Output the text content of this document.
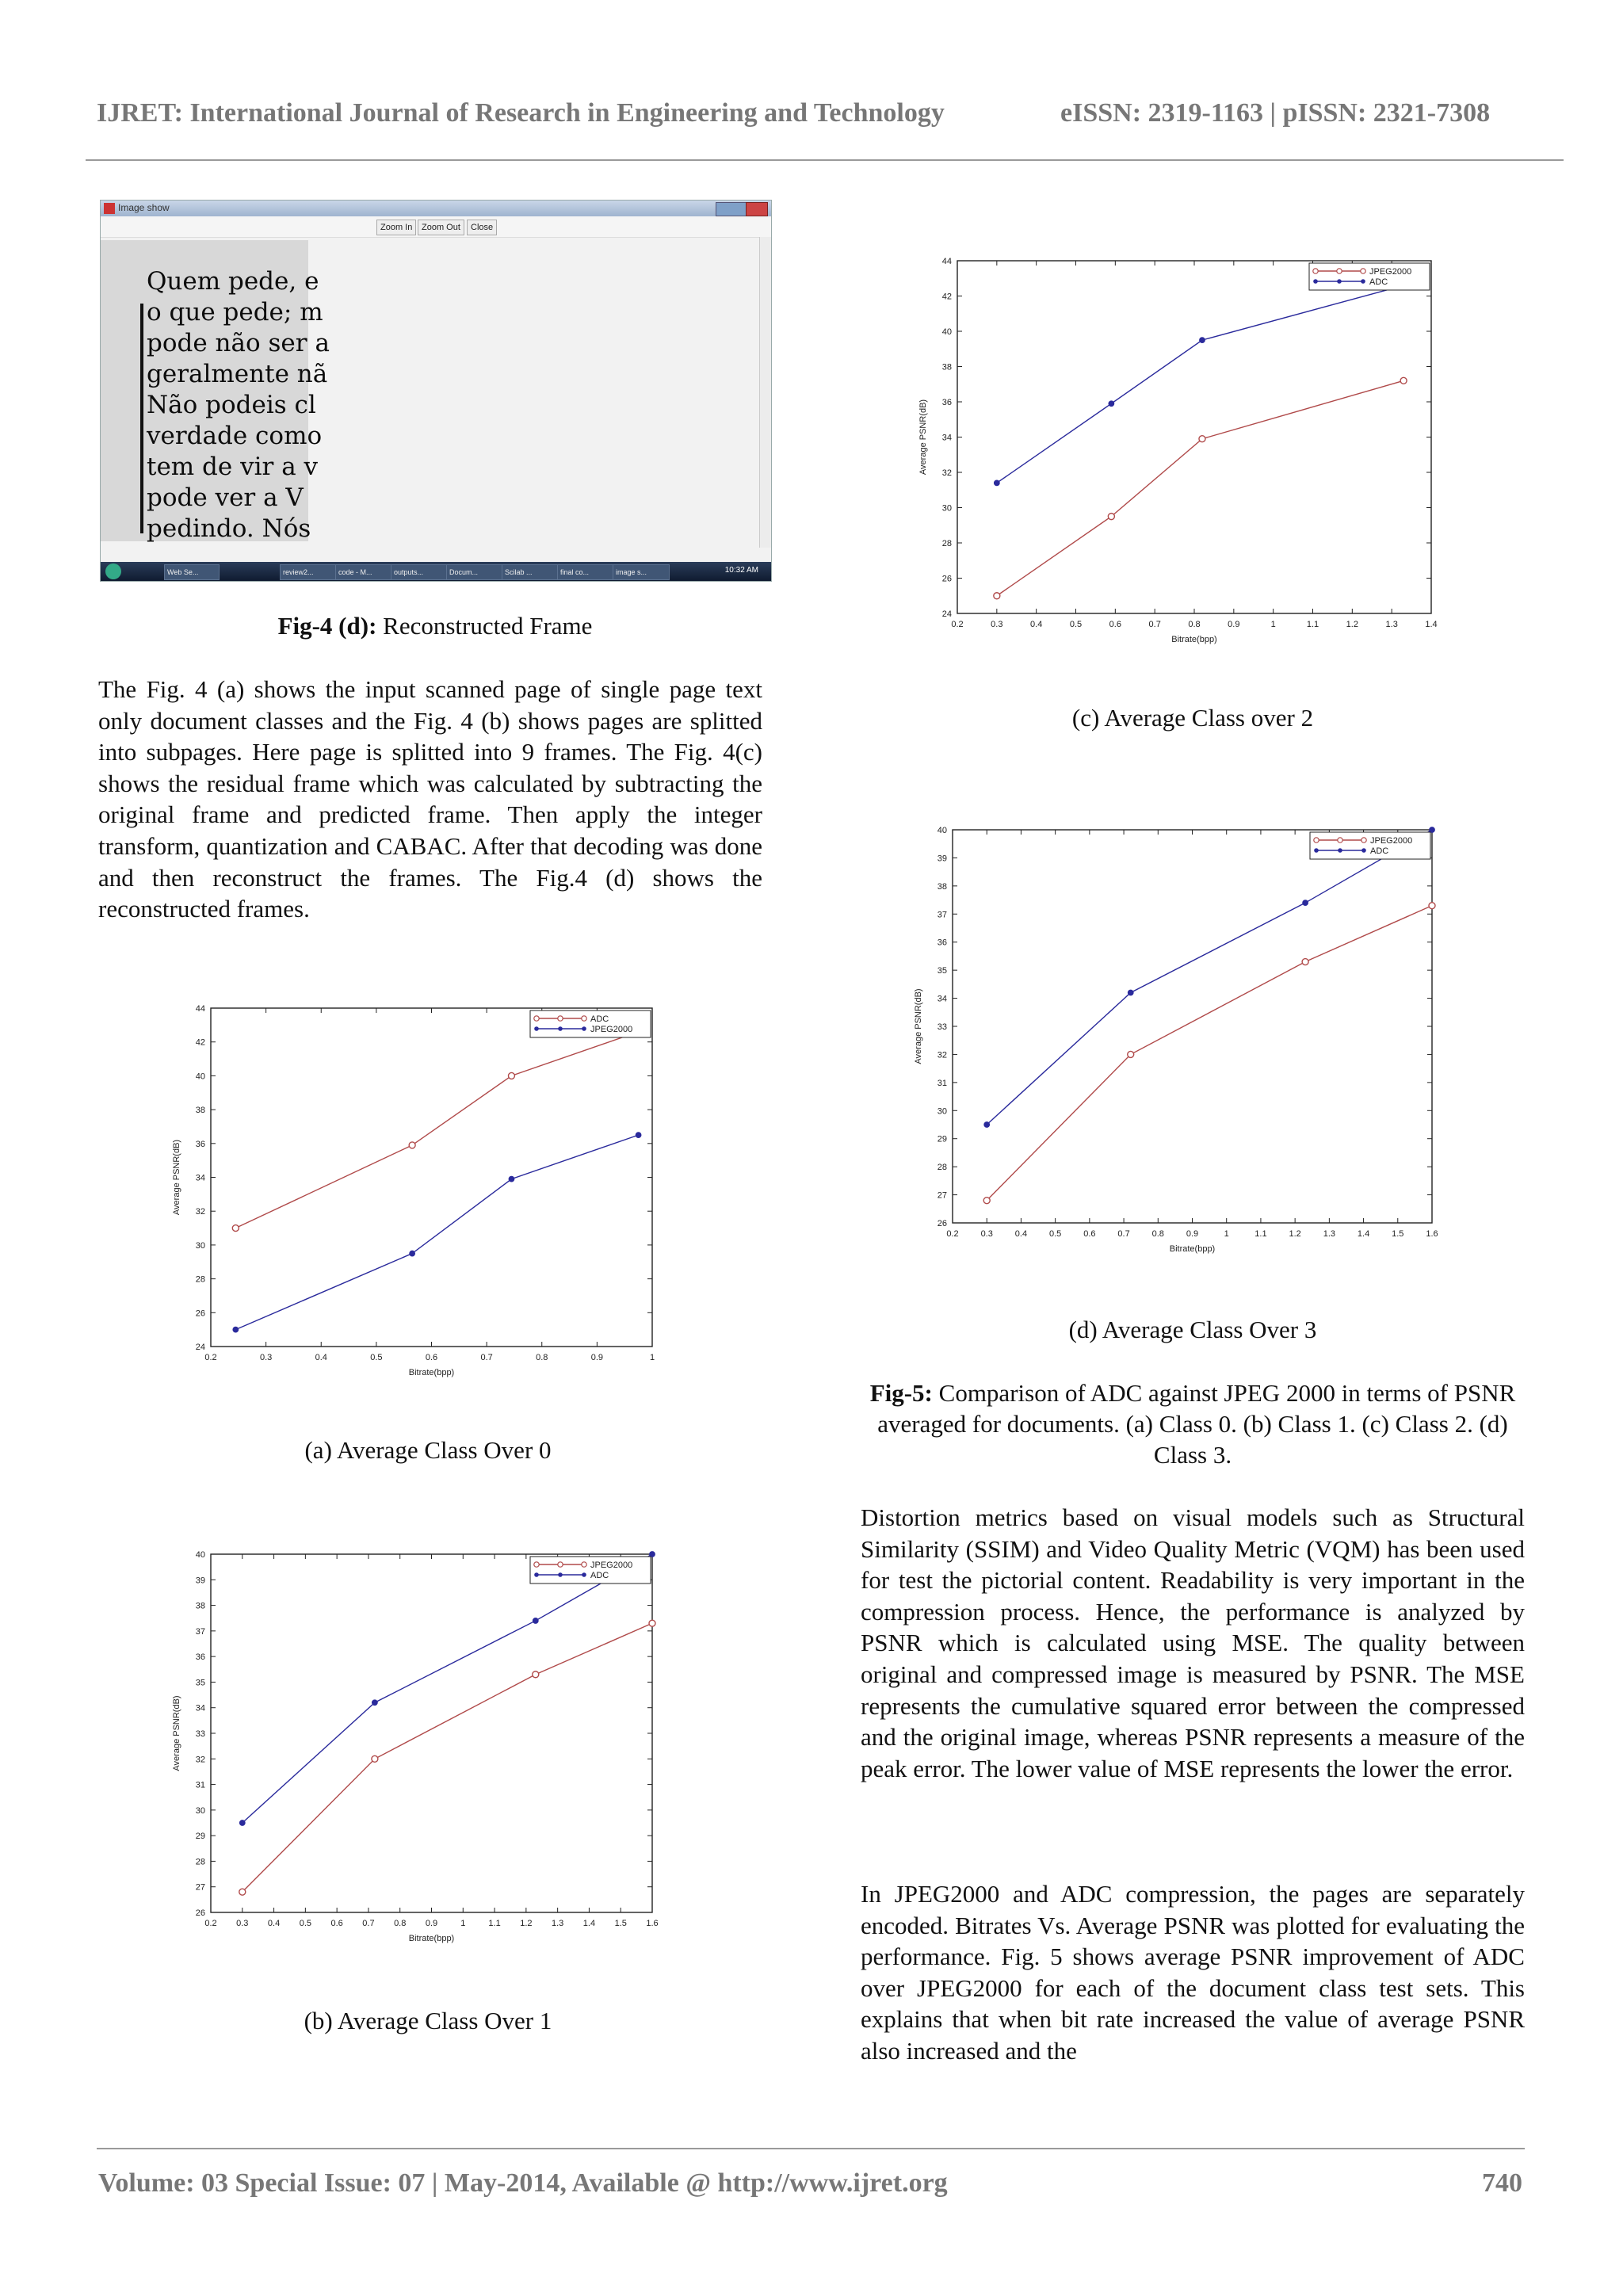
IJRET: International Journal of Research in Engineering and Technology	eISSN: 2319-1163 | pISSN: 2321-7308
Image show
Zoom In	Zoom Out	Close
Quem pede, e
o que pede; m
pode não ser a
geralmente nã
Não podeis cl
verdade como
tem de vir a v
pode ver a V
pedindo. Nós
Web Se...	review2...	code - M...	outputs...	Docum...	Scilab ...	final co...	image s...	10:32 AM
Fig-4 (d): Reconstructed Frame

The Fig. 4 (a) shows the input scanned page of single page text only document classes and the Fig. 4 (b) shows pages are splitted into subpages. Here page is splitted into 9 frames. The Fig. 4(c) shows the residual frame which was calculated by subtracting the original frame and predicted frame. Then apply the integer transform, quantization and CABAC. After that decoding was done and then reconstruct the frames. The Fig.4 (d) shows the reconstructed frames.

24
26
28
30
32
34
36
38
40
42
44
0.2	0.3	0.4	0.5	0.6	0.7	0.8	0.9	1
Bitrate(bpp)
Average PSNR(dB)
ADC
JPEG2000
(a) Average Class Over 0
26
27
28
29
30
31
32
33
34
35
36
37
38
39
40
0.2 0.3 0.4 0.5 0.6 0.7 0.8 0.9	1	1.1 1.2 1.3 1.4 1.5 1.6
Bitrate(bpp)
Average PSNR(dB)
JPEG2000
ADC
(b) Average Class Over 1
24
26
28
30
32
34
36
38
40
42
44
0.2	0.3	0.4	0.5	0.6	0.7	0.8	0.9	1	1.1	1.2	1.3	1.4
Bitrate(bpp)
Average PSNR(dB)
JPEG2000
ADC
(c) Average Class over 2
26
27
28
29
30
31
32
33
34
35
36
37
38
39
40
0.2	0.3	0.4	0.5	0.6	0.7	0.8	0.9	1	1.1	1.2	1.3	1.4	1.5	1.6
Bitrate(bpp)
Average PSNR(dB)
JPEG2000
ADC
(d) Average Class Over 3
Fig-5: Comparison of ADC against JPEG 2000 in terms of PSNR averaged for documents. (a) Class 0. (b) Class 1. (c) Class 2. (d) Class 3.

Distortion metrics based on visual models such as Structural Similarity (SSIM) and Video Quality Metric (VQM) has been used for test the pictorial content. Readability is very important in the compression process. Hence, the performance is analyzed by PSNR which is calculated using MSE. The quality between original and compressed image is measured by PSNR. The MSE represents the cumulative squared error between the compressed and the original image, whereas PSNR represents a measure of the peak error. The lower value of MSE represents the lower the error.

In JPEG2000 and ADC compression, the pages are separately encoded. Bitrates Vs. Average PSNR was plotted for evaluating the performance. Fig. 5 shows average PSNR improvement of ADC over JPEG2000 for each of the document class test sets. This explains that when bit rate increased the value of average PSNR also increased and the

Volume: 03 Special Issue: 07 | May-2014, Available @ http://www.ijret.org	740
